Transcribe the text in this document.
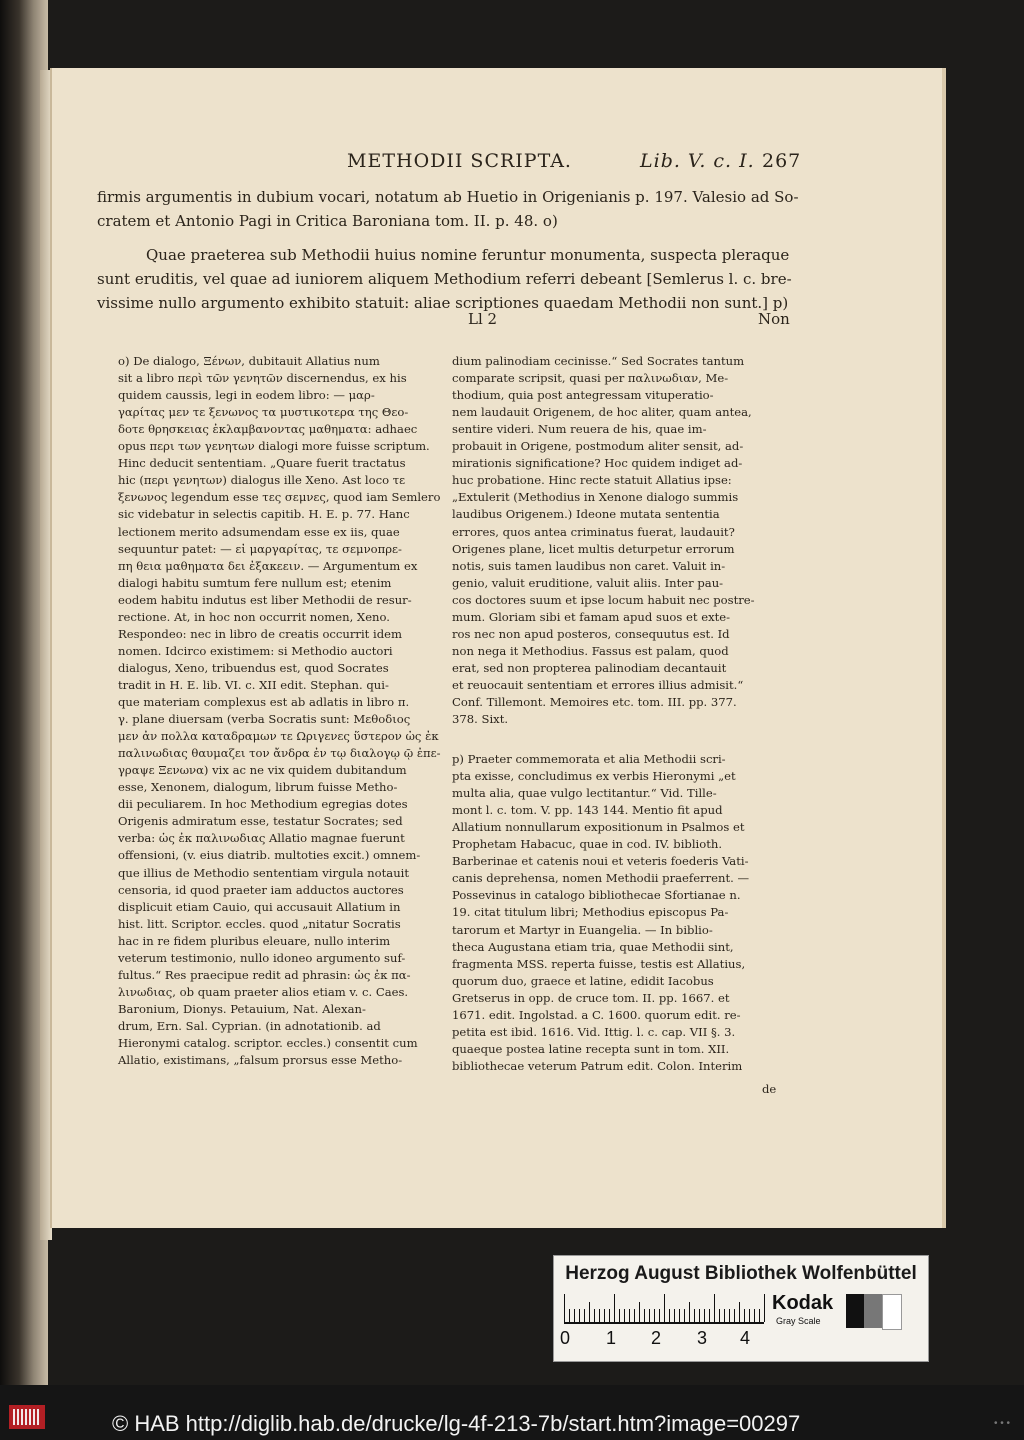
METHODII SCRIPTA.	Lib. V. c. I. 267
firmis argumentis in dubium vocari, notatum ab Huetio in Origenianis p. 197. Valesio ad So-
cratem et Antonio Pagi in Critica Baroniana tom. II. p. 48. o)
Quae praeterea sub Methodii huius nomine feruntur monumenta, suspecta pleraque
sunt eruditis, vel quae ad iuniorem aliquem Methodium referri debeant [Semlerus l. c. bre-
vissime nullo argumento exhibito statuit: aliae scriptiones quaedam Methodii non sunt.] p)
Ll 2	Non
o) De dialogo, Ξένων, dubitauit Allatius num
sit a libro περὶ τῶν γενητῶν discernendus, ex his
quidem caussis, legi in eodem libro: — μαρ-
γαρίτας μεν τε ξενωνος τα μυστικοτερα της Θεο-
δοτε θρησκειας ἐκλαμβανοντας μαθηματα: adhaec
opus περι των γενητων dialogi more fuisse scriptum.
Hinc deducit sententiam. „Quare fuerit tractatus
hic (περι γενητων) dialogus ille Xeno. Ast loco τε
ξενωνος legendum esse τες σεμνες, quod iam Semlero
sic videbatur in selectis capitib. H. E. p. 77. Hanc
lectionem merito adsumendam esse ex iis, quae
sequuntur patet: — εἰ μαργαρίτας, τε σεμνοπρε-
πη θεια μαθηματα δει ἐξακεειν. — Argumentum ex
dialogi habitu sumtum fere nullum est; etenim
eodem habitu indutus est liber Methodii de resur-
rectione. At, in hoc non occurrit nomen, Xeno.
Respondeo: nec in libro de creatis occurrit idem
nomen. Idcirco existimem: si Methodio auctori
dialogus, Xeno, tribuendus est, quod Socrates
tradit in H. E. lib. VI. c. XII edit. Stephan. qui-
que materiam complexus est ab adlatis in libro π.
γ. plane diuersam (verba Socratis sunt: Μεθοδιος
μεν ἀν πολλα καταδραμων τε Ωριγενες ὕστερον ὡς ἐκ
παλινωδιας θαυμαζει τον ἄνδρα ἐν τῳ διαλογῳ ῷ ἐπε-
γραψε Ξενωνα) vix ac ne vix quidem dubitandum
esse, Xenonem, dialogum, librum fuisse Metho-
dii peculiarem. In hoc Methodium egregias dotes
Origenis admiratum esse, testatur Socrates; sed
verba: ὡς ἐκ παλινωδιας Allatio magnae fuerunt
offensioni, (v. eius diatrib. multoties excit.) omnem-
que illius de Methodio sententiam virgula notauit
censoria, id quod praeter iam adductos auctores
displicuit etiam Cauio, qui accusauit Allatium in
hist. litt. Scriptor. eccles. quod „nitatur Socratis
hac in re fidem pluribus eleuare, nullo interim
veterum testimonio, nullo idoneo argumento suf-
fultus.“ Res praecipue redit ad phrasin: ὡς ἐκ πα-
λινωδιας, ob quam praeter alios etiam v. c. Caes.
Baronium, Dionys. Petauium, Nat. Alexan-
drum, Ern. Sal. Cyprian. (in adnotationib. ad
Hieronymi catalog. scriptor. eccles.) consentit cum
Allatio, existimans, „falsum prorsus esse Metho-
dium palinodiam cecinisse.“ Sed Socrates tantum
comparate scripsit, quasi per παλινωδιαν, Me-
thodium, quia post antegressam vituperatio-
nem laudauit Origenem, de hoc aliter, quam antea,
sentire videri. Num reuera de his, quae im-
probauit in Origene, postmodum aliter sensit, ad-
mirationis significatione? Hoc quidem indiget ad-
huc probatione. Hinc recte statuit Allatius ipse:
„Extulerit (Methodius in Xenone dialogo summis
laudibus Origenem.) Ideone mutata sententia
errores, quos antea criminatus fuerat, laudauit?
Origenes plane, licet multis deturpetur errorum
notis, suis tamen laudibus non caret. Valuit in-
genio, valuit eruditione, valuit aliis. Inter pau-
cos doctores suum et ipse locum habuit nec postre-
mum. Gloriam sibi et famam apud suos et exte-
ros nec non apud posteros, consequutus est. Id
non nega it Methodius. Fassus est palam, quod
erat, sed non propterea palinodiam decantauit
et reuocauit sententiam et errores illius admisit.“
Conf. Tillemont. Memoires etc. tom. III. pp. 377.
378. Sixt.
p) Praeter commemorata et alia Methodii scri-
pta exisse, concludimus ex verbis Hieronymi „et
multa alia, quae vulgo lectitantur.“ Vid. Tille-
mont l. c. tom. V. pp. 143 144. Mentio fit apud
Allatium nonnullarum expositionum in Psalmos et
Prophetam Habacuc, quae in cod. IV. biblioth.
Barberinae et catenis noui et veteris foederis Vati-
canis deprehensa, nomen Methodii praeferrent. —
Possevinus in catalogo bibliothecae Sfortianae n.
19. citat titulum libri; Methodius episcopus Pa-
tarorum et Martyr in Euangelia. — In biblio-
theca Augustana etiam tria, quae Methodii sint,
fragmenta MSS. reperta fuisse, testis est Allatius,
quorum duo, graece et latine, edidit Iacobus
Gretserus in opp. de cruce tom. II. pp. 1667. et
1671. edit. Ingolstad. a C. 1600. quorum edit. re-
petita est ibid. 1616. Vid. Ittig. l. c. cap. VII §. 3.
quaeque postea latine recepta sunt in tom. XII.
bibliothecae veterum Patrum edit. Colon. Interim
de
Herzog August Bibliothek Wolfenbüttel
0 1 2 3 4
Kodak
Gray Scale
© HAB http://diglib.hab.de/drucke/lg-4f-213-7b/start.htm?image=00297	• • •
